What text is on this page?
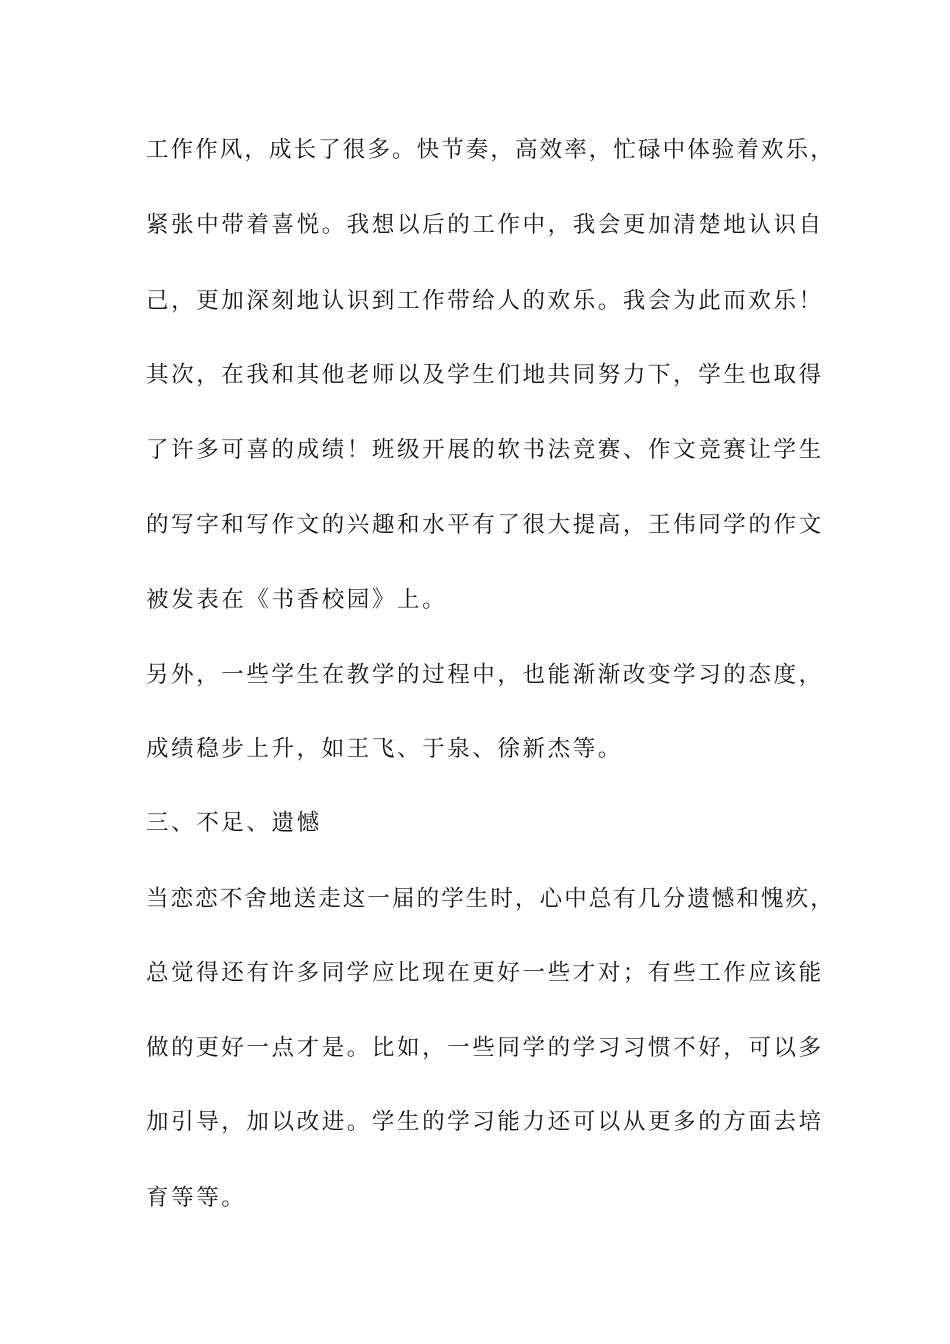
工作作风，成长了很多。快节奏，高效率，忙碌中体验着欢乐，
紧张中带着喜悦。我想以后的工作中，我会更加清楚地认识自
己，更加深刻地认识到工作带给人的欢乐。我会为此而欢乐！
其次，在我和其他老师以及学生们地共同努力下，学生也取得
了许多可喜的成绩！班级开展的软书法竞赛、作文竞赛让学生
的写字和写作文的兴趣和水平有了很大提高，王伟同学的作文
被发表在《书香校园》上。
另外，一些学生在教学的过程中，也能渐渐改变学习的态度，
成绩稳步上升，如王飞、于泉、徐新杰等。
三、不足、遗憾
当恋恋不舍地送走这一届的学生时，心中总有几分遗憾和愧疚，
总觉得还有许多同学应比现在更好一些才对；有些工作应该能
做的更好一点才是。比如，一些同学的学习习惯不好，可以多
加引导，加以改进。学生的学习能力还可以从更多的方面去培
育等等。
